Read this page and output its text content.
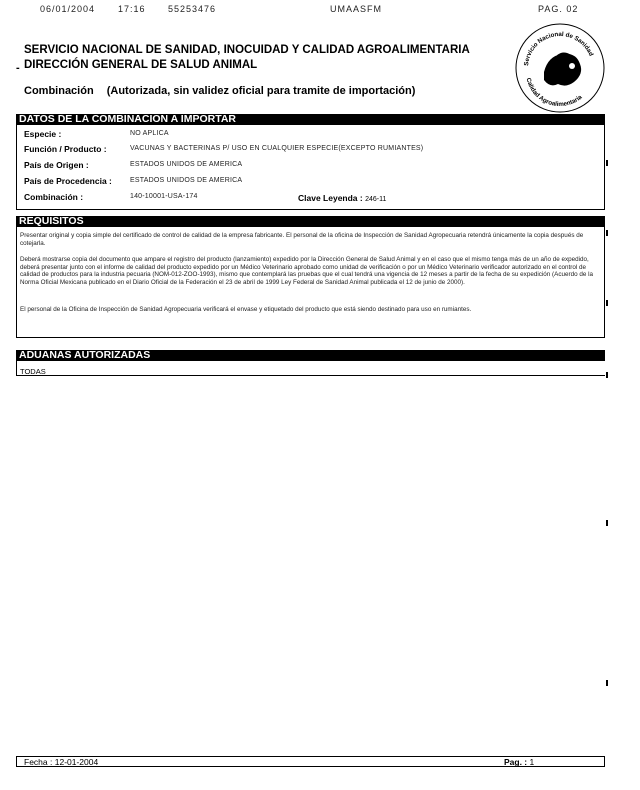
06/01/2004	17:16 55253476	UMAASFM	PAG. 02
SERVICIO NACIONAL DE SANIDAD, INOCUIDAD Y CALIDAD AGROALIMENTARIA
- DIRECCIÓN GENERAL DE SALUD ANIMAL	Servicio Nacional de Sanidad
Calidad Agroalimentaria
Combinación (Autorizada, sin validez oficial para tramite de importación)
DATOS DE LA COMBINACION A IMPORTAR
Especie :	NO APLICA
Función / Producto :	VACUNAS Y BACTERINAS P/ USO EN CUALQUIER ESPECIE(EXCEPTO RUMIANTES)
País de Origen :	ESTADOS UNIDOS DE AMERICA
País de Procedencia :	ESTADOS UNIDOS DE AMERICA
Combinación :	140-10001-USA-174	Clave Leyenda : 246-11
REQUISITOS
Presentar original y copia simple del certificado de control de calidad de la empresa fabricante. El personal de la oficina de Inspección de Sanidad Agropecuaria retendrá únicamente la copia después de cotejarla.
Deberá mostrarse copia del documento que ampare el registro del producto (lanzamiento) expedido por la Dirección General de Salud Animal y en el caso que el mismo tenga más de un año de expedido, deberá presentar junto con el informe de calidad del producto expedido por un Médico Veterinario aprobado como unidad de verificación o por un Médico Veterinario verificador autorizado en el control de calidad de productos para la industria pecuaria (NOM-012-ZOO-1993), mismo que contemplará las pruebas que el cual tendrá una vigencia de 12 meses a partir de la fecha de su expedición (Acuerdo de la Norma Oficial Mexicana publicado en el Diario Oficial de la Federación el 23 de abril de 1999 Ley Federal de Sanidad Animal publicada el 12 de junio de 2000).
El personal de la Oficina de Inspección de Sanidad Agropecuaria verificará el envase y etiquetado del producto que está siendo destinado para uso en rumiantes.
ADUANAS AUTORIZADAS
TODAS
Fecha : 12-01-2004	Pag. : 1
